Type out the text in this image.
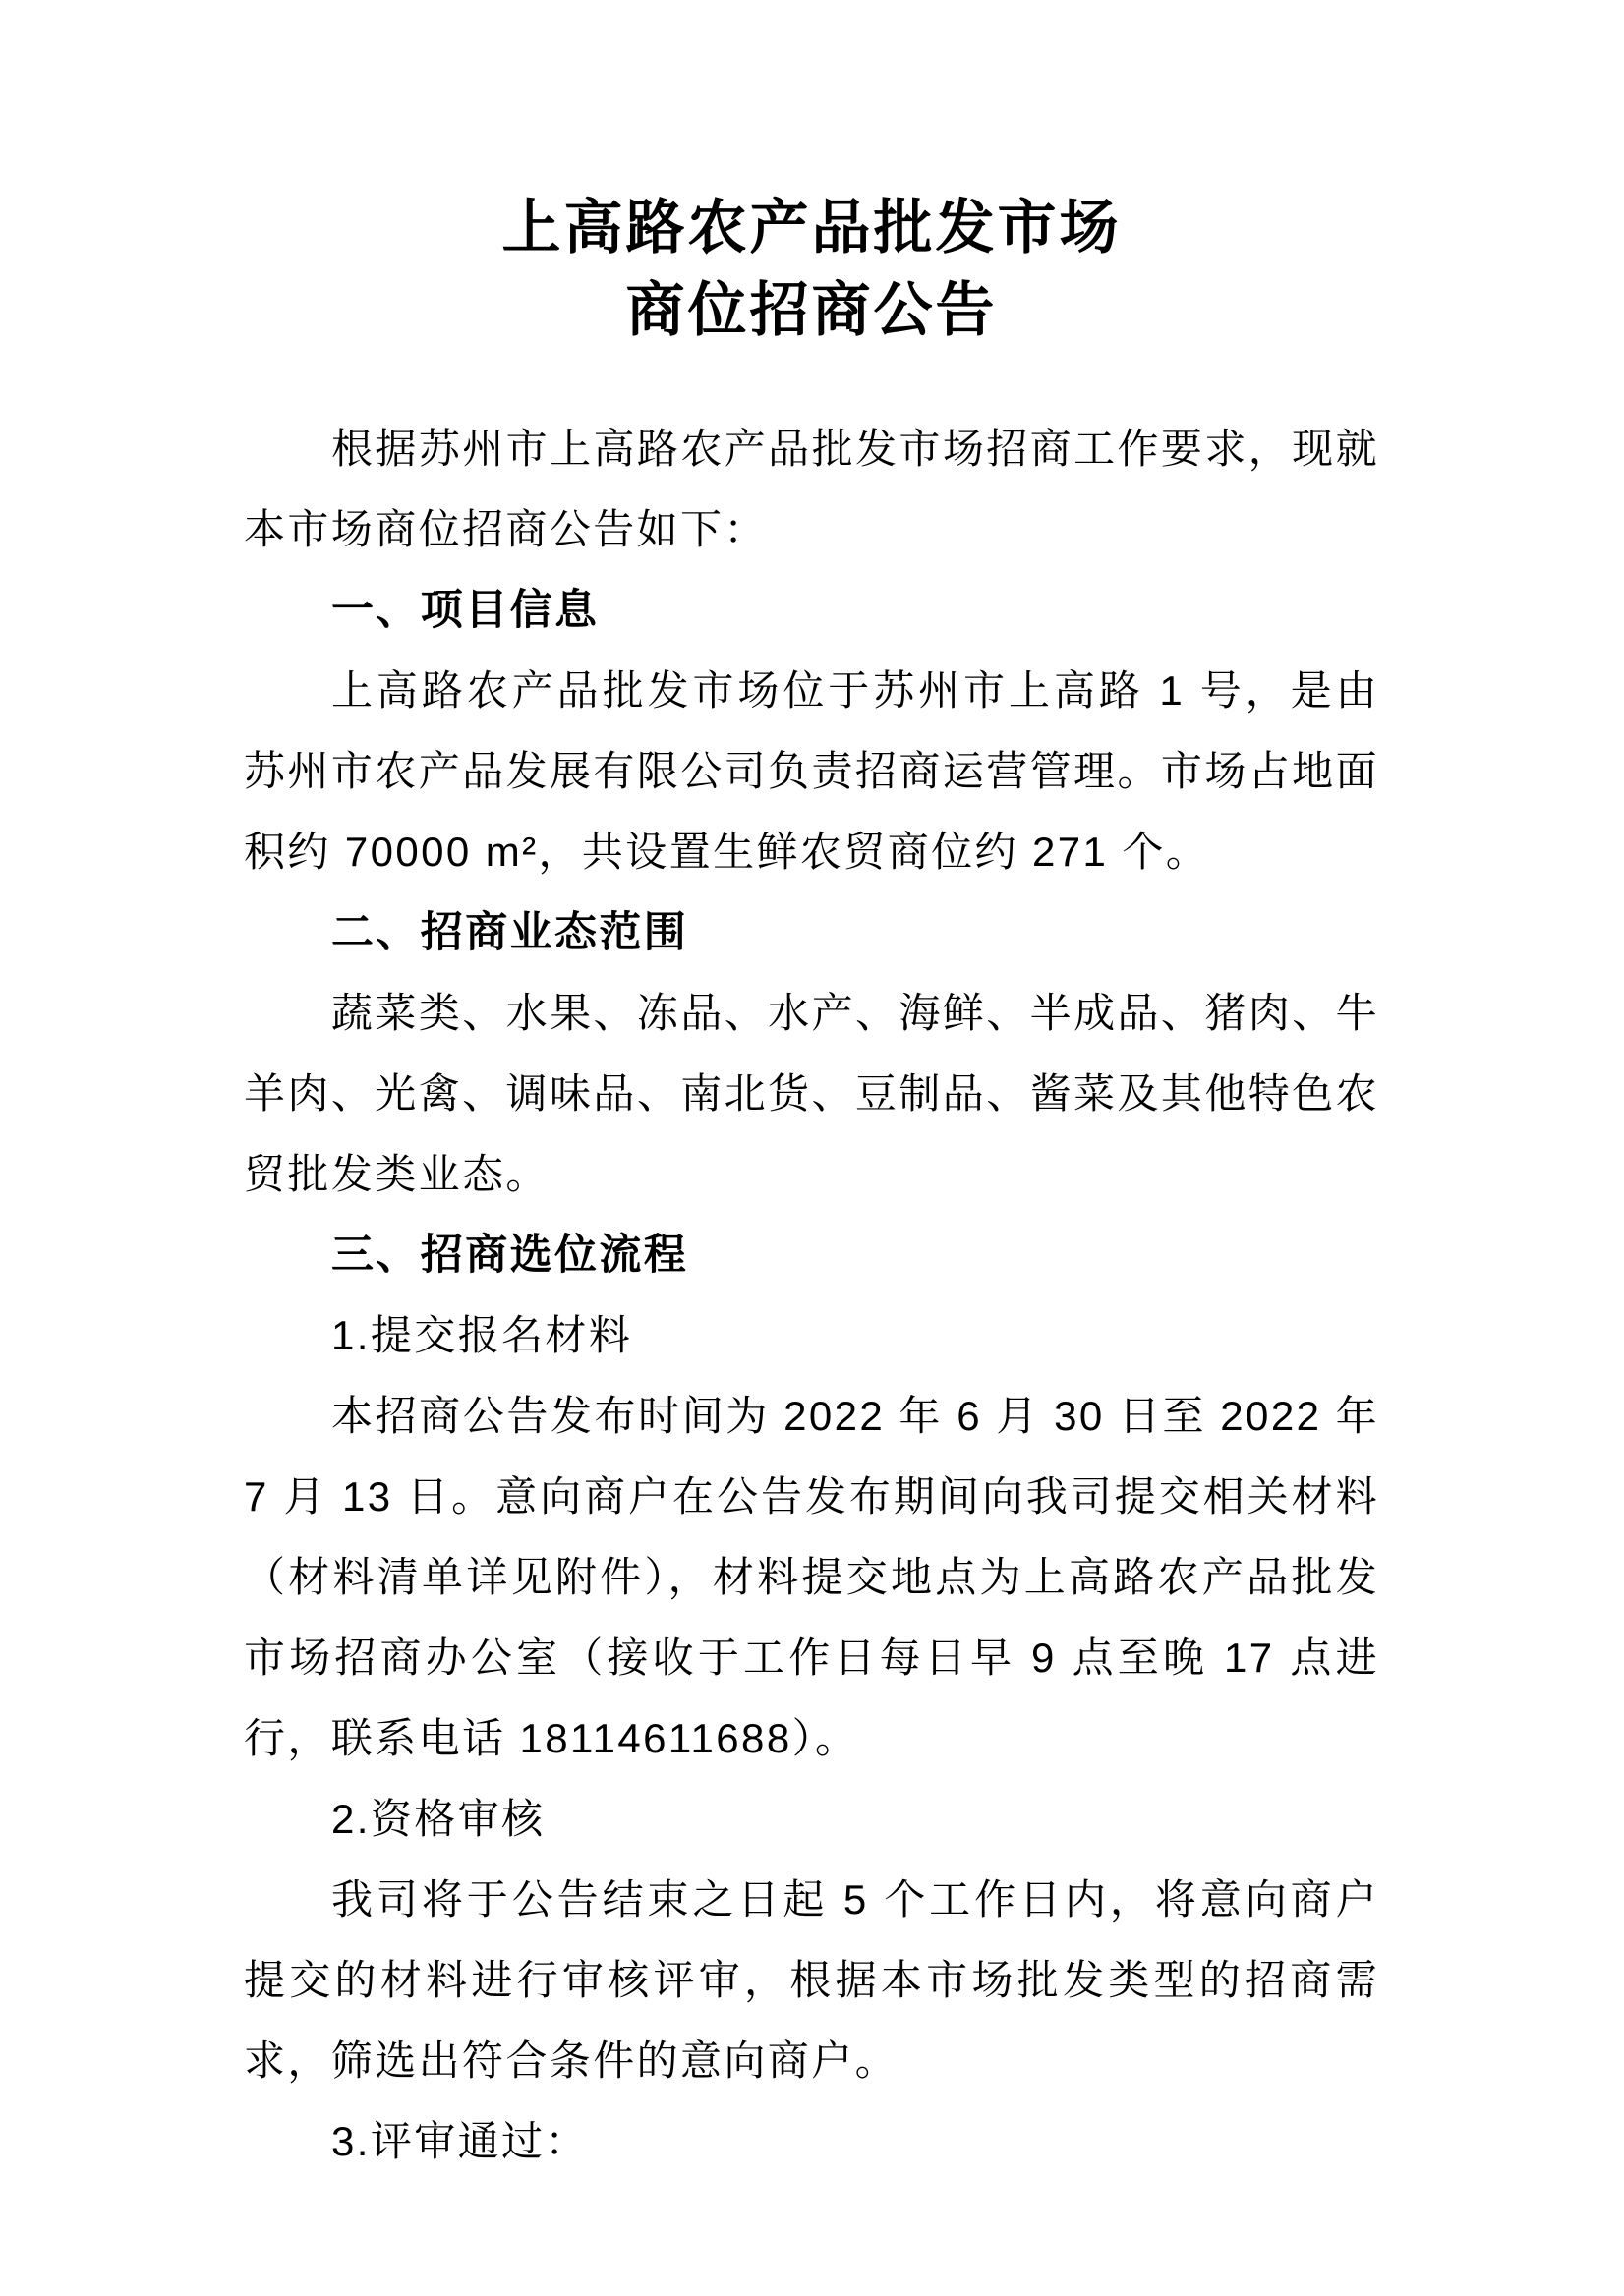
上高路农产品批发市场
商位招商公告

根据苏州市上高路农产品批发市场招商工作要求，现就本市场商位招商公告如下：

一、项目信息

上高路农产品批发市场位于苏州市上高路 1 号，是由苏州市农产品发展有限公司负责招商运营管理。市场占地面积约 70000 m²，共设置生鲜农贸商位约 271 个。

二、招商业态范围

蔬菜类、水果、冻品、水产、海鲜、半成品、猪肉、牛羊肉、光禽、调味品、南北货、豆制品、酱菜及其他特色农贸批发类业态。

三、招商选位流程

1.提交报名材料

本招商公告发布时间为 2022 年 6 月 30 日至 2022 年 7 月 13 日。意向商户在公告发布期间向我司提交相关材料（材料清单详见附件），材料提交地点为上高路农产品批发市场招商办公室（接收于工作日每日早 9 点至晚 17 点进行，联系电话 18114611688）。

2.资格审核

我司将于公告结束之日起 5 个工作日内，将意向商户提交的材料进行审核评审，根据本市场批发类型的招商需求，筛选出符合条件的意向商户。

3.评审通过：
